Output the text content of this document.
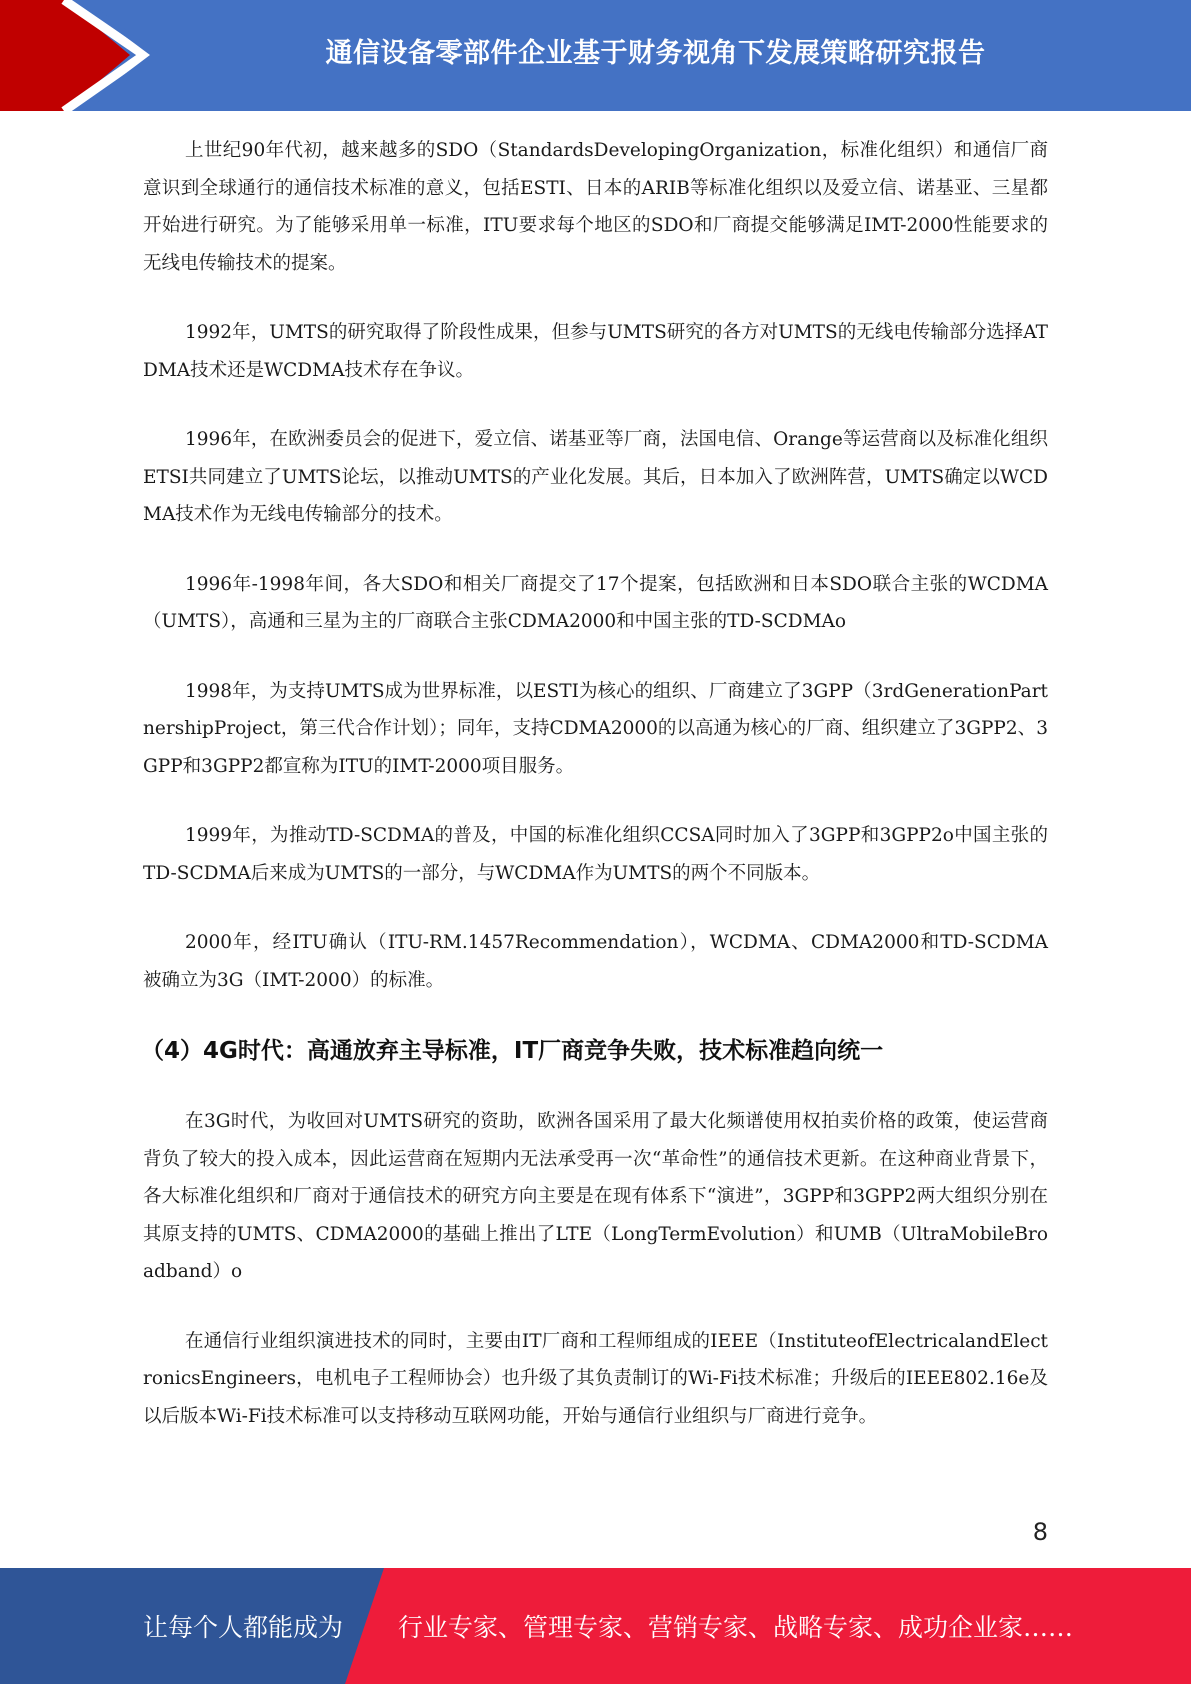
通信设备零部件企业基于财务视角下发展策略研究报告

上世纪90年代初，越来越多的SDO（StandardsDevelopingOrganization，标准化组织）和通信厂商意识到全球通行的通信技术标准的意义，包括ESTI、日本的ARIB等标准化组织以及爱立信、诺基亚、三星都开始进行研究。为了能够采用单一标准，ITU要求每个地区的SDO和厂商提交能够满足IMT-2000性能要求的无线电传输技术的提案。

1992年，UMTS的研究取得了阶段性成果，但参与UMTS研究的各方对UMTS的无线电传输部分选择ATDMA技术还是WCDMA技术存在争议。

1996年，在欧洲委员会的促进下，爱立信、诺基亚等厂商，法国电信、Orange等运营商以及标准化组织ETSI共同建立了UMTS论坛，以推动UMTS的产业化发展。其后，日本加入了欧洲阵营，UMTS确定以WCDMA技术作为无线电传输部分的技术。

1996年-1998年间，各大SDO和相关厂商提交了17个提案，包括欧洲和日本SDO联合主张的WCDMA（UMTS），高通和三星为主的厂商联合主张CDMA2000和中国主张的TD-SCDMAo

1998年，为支持UMTS成为世界标准，以ESTI为核心的组织、厂商建立了3GPP（3rdGenerationPartnershipProject，第三代合作计划）；同年，支持CDMA2000的以高通为核心的厂商、组织建立了3GPP2、3GPP和3GPP2都宣称为ITU的IMT-2000项目服务。

1999年，为推动TD-SCDMA的普及，中国的标准化组织CCSA同时加入了3GPP和3GPP2o中国主张的TD-SCDMA后来成为UMTS的一部分，与WCDMA作为UMTS的两个不同版本。

2000年，经ITU确认（ITU-RM.1457Recommendation），WCDMA、CDMA2000和TD-SCDMA被确立为3G（IMT-2000）的标准。

（4）4G时代：高通放弃主导标准，IT厂商竞争失败，技术标准趋向统一

在3G时代，为收回对UMTS研究的资助，欧洲各国采用了最大化频谱使用权拍卖价格的政策，使运营商背负了较大的投入成本，因此运营商在短期内无法承受再一次“革命性”的通信技术更新。在这种商业背景下，各大标准化组织和厂商对于通信技术的研究方向主要是在现有体系下“演进”，3GPP和3GPP2两大组织分别在其原支持的UMTS、CDMA2000的基础上推出了LTE（LongTermEvolution）和UMB（UltraMobileBroadband）o

在通信行业组织演进技术的同时，主要由IT厂商和工程师组成的IEEE（InstituteofElectricalandElectronicsEngineers，电机电子工程师协会）也升级了其负责制订的Wi-Fi技术标准；升级后的IEEE802.16e及以后版本Wi-Fi技术标准可以支持移动互联网功能，开始与通信行业组织与厂商进行竞争。

8
让每个人都能成为 行业专家、管理专家、营销专家、战略专家、成功企业家……
